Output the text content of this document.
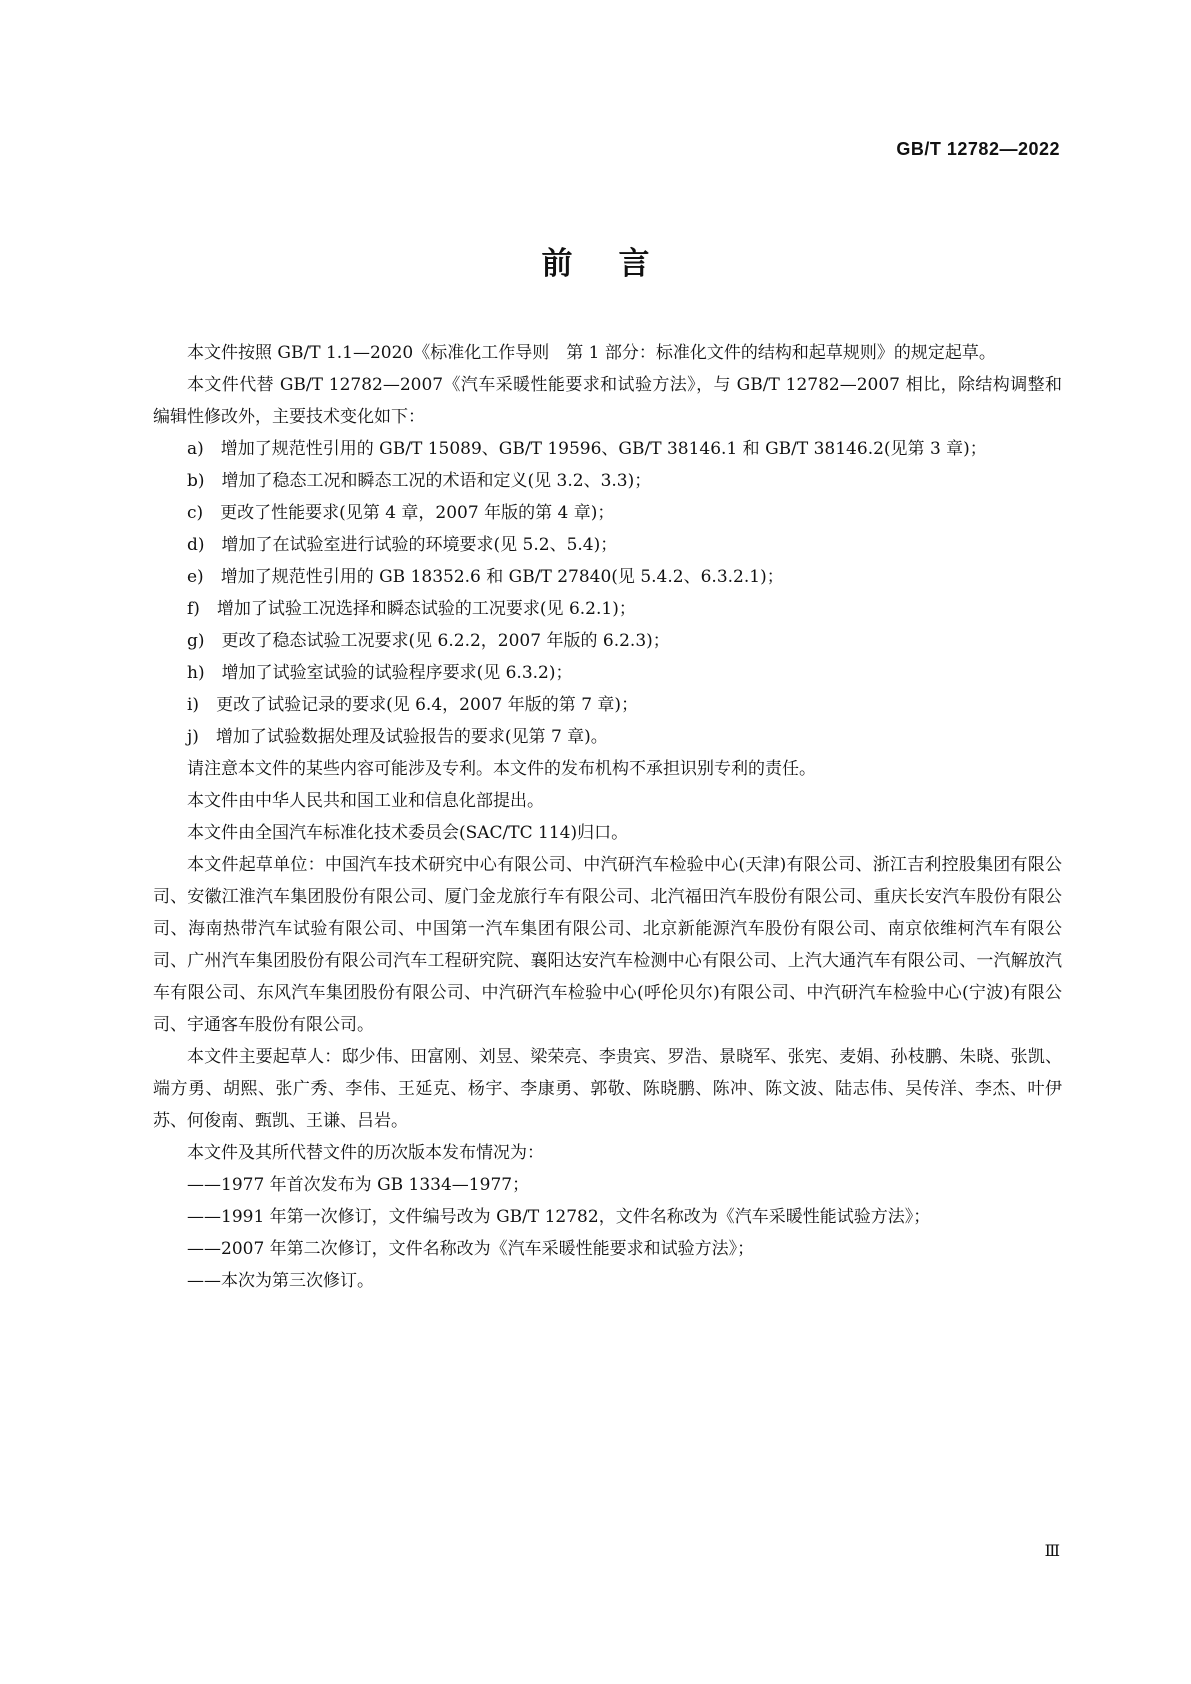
GB/T 12782—2022
前言

本文件按照 GB/T 1.1—2020《标准化工作导则　第 1 部分：标准化文件的结构和起草规则》的规定起草。

本文件代替 GB/T 12782—2007《汽车采暖性能要求和试验方法》，与 GB/T 12782—2007 相比，除结构调整和编辑性修改外，主要技术变化如下：

a)　增加了规范性引用的 GB/T 15089、GB/T 19596、GB/T 38146.1 和 GB/T 38146.2(见第 3 章)；

b)　增加了稳态工况和瞬态工况的术语和定义(见 3.2、3.3)；

c)　更改了性能要求(见第 4 章，2007 年版的第 4 章)；

d)　增加了在试验室进行试验的环境要求(见 5.2、5.4)；

e)　增加了规范性引用的 GB 18352.6 和 GB/T 27840(见 5.4.2、6.3.2.1)；

f)　增加了试验工况选择和瞬态试验的工况要求(见 6.2.1)；

g)　更改了稳态试验工况要求(见 6.2.2，2007 年版的 6.2.3)；

h)　增加了试验室试验的试验程序要求(见 6.3.2)；

i)　更改了试验记录的要求(见 6.4，2007 年版的第 7 章)；

j)　增加了试验数据处理及试验报告的要求(见第 7 章)。

请注意本文件的某些内容可能涉及专利。本文件的发布机构不承担识别专利的责任。

本文件由中华人民共和国工业和信息化部提出。

本文件由全国汽车标准化技术委员会(SAC/TC 114)归口。

本文件起草单位：中国汽车技术研究中心有限公司、中汽研汽车检验中心(天津)有限公司、浙江吉利控股集团有限公司、安徽江淮汽车集团股份有限公司、厦门金龙旅行车有限公司、北汽福田汽车股份有限公司、重庆长安汽车股份有限公司、海南热带汽车试验有限公司、中国第一汽车集团有限公司、北京新能源汽车股份有限公司、南京依维柯汽车有限公司、广州汽车集团股份有限公司汽车工程研究院、襄阳达安汽车检测中心有限公司、上汽大通汽车有限公司、一汽解放汽车有限公司、东风汽车集团股份有限公司、中汽研汽车检验中心(呼伦贝尔)有限公司、中汽研汽车检验中心(宁波)有限公司、宇通客车股份有限公司。

本文件主要起草人：邸少伟、田富刚、刘昱、梁荣亮、李贵宾、罗浩、景晓军、张宪、麦娟、孙枝鹏、朱晓、张凯、端方勇、胡熙、张广秀、李伟、王延克、杨宇、李康勇、郭敬、陈晓鹏、陈冲、陈文波、陆志伟、吴传洋、李杰、叶伊苏、何俊南、甄凯、王谦、吕岩。

本文件及其所代替文件的历次版本发布情况为：

——1977 年首次发布为 GB 1334—1977；

——1991 年第一次修订，文件编号改为 GB/T 12782，文件名称改为《汽车采暖性能试验方法》；

——2007 年第二次修订，文件名称改为《汽车采暖性能要求和试验方法》；

——本次为第三次修订。

Ⅲ
